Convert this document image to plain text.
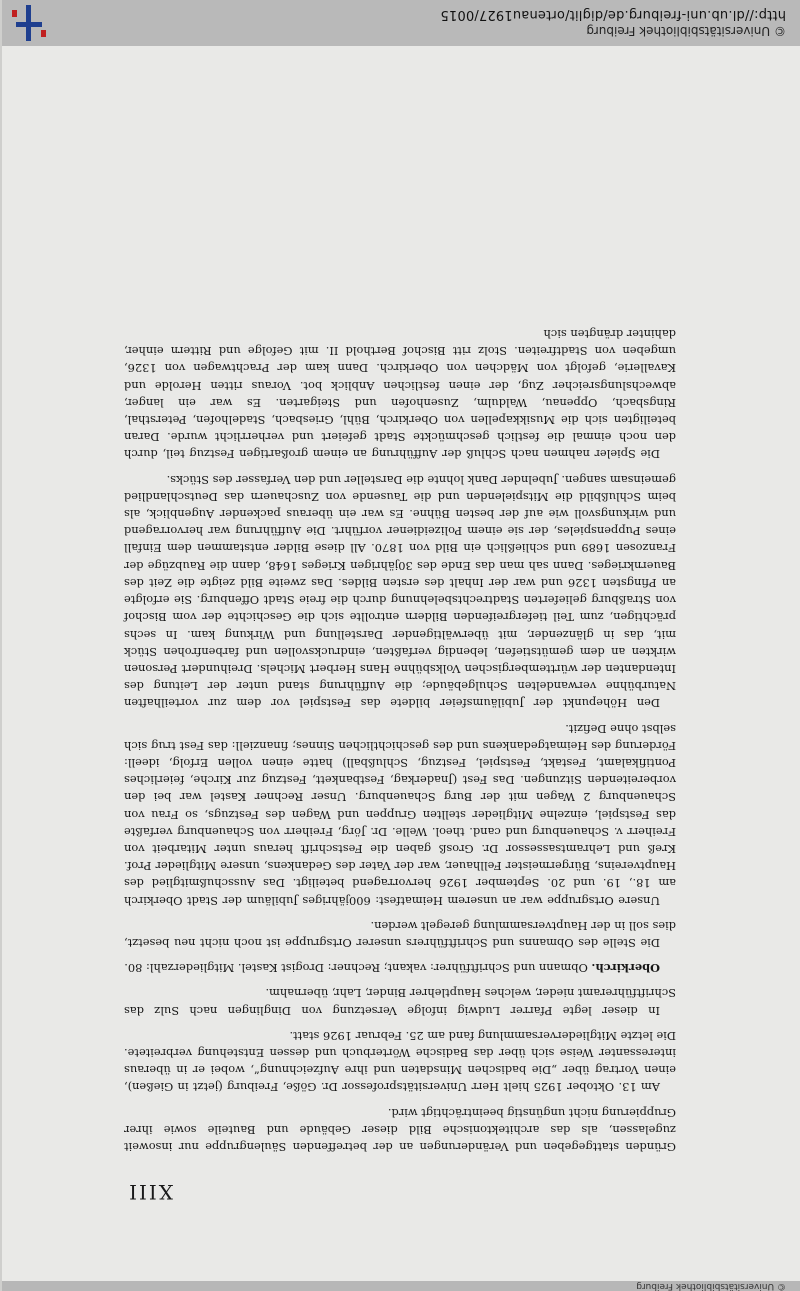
© Universitätsbibliothek Freiburg
XIII

Gründen stattgegeben und Veränderungen an der betreffenden Säulengruppe nur insoweit zugelassen, als das architektonische Bild dieser Gebäude und Bauteile sowie ihrer Gruppierung nicht ungünstig beeinträchtigt wird.

Am 13. Oktober 1925 hielt Herr Universitätsprofessor Dr. Göße, Freiburg (jetzt in Gießen), einen Vortrag über „Die badischen Minsdaten und ihre Aufzeichnung“, wobei er in überaus interessanter Weise sich über das Badische Wörterbuch und dessen Entstehung verbreitete. Die letzte Mitgliederversammlung fand am 25. Februar 1926 statt.

In dieser legte Pfarrer Ludwig infolge Versetzung von Dinglingen nach Sulz das Schriftführeramt nieder, welches Hauptlehrer Binder, Lahr, übernahm.

Oberkirch. Obmann und Schriftführer: vakant; Rechner: Drogist Kastel. Mitgliederzahl: 80.

Die Stelle des Obmanns und Schriftführers unserer Ortsgruppe ist noch nicht neu besetzt, dies soll in der Hauptversammlung geregelt werden.

Unsere Ortsgruppe war an unserem Heimatfest: 600jähriges Jubiläum der Stadt Oberkirch am 18., 19. und 20. September 1926 hervorragend beteiligt. Das Ausschußmitglied des Hauptvereins, Bürgermeister Fellhauer, war der Vater des Gedankens, unsere Mitglieder Prof. Kreß und Lehramtsassessor Dr. Grosß gaben die Festschrift heraus unter Mitarbeit von Freiherr v. Schauenburg und cand. theol. Welle. Dr. Jörg, Freiherr von Schauenburg verfaßte das Festspiel, einzelne Mitglieder stellten Gruppen und Wagen des Festzugs, so Frau von Schauenburg 2 Wagen mit der Burg Schauenburg. Unser Rechner Kastel war bei den vorbereitenden Sitzungen. Das Fest (Jnaderkag, Festbankett, Festzug zur Kirche, feierliches Pontifikalamt, Festakt, Festspiel, Festzug, Schlußball) hatte einen vollen Erfolg, ideell: Förderung des Heimatgedankens und des geschichtlichen Sinnes; finanziell: das Fest trug sich selbst ohne Defizit.

Den Höhepunkt der Jubiläumsfeier bildete das Festspiel vor dem zur vorteilhaften Naturbühne verwandelten Schulgebäude; die Aufführung stand unter der Leitung des Intendanten der württembergischen Volksbühne Hans Herbert Michels. Dreihundert Personen wirkten an dem gemütstiefen, lebendig verfaßten, eindrucksvollen und farbenfrohen Stück mit, das in glänzender, mit überwältigender Darstellung und Wirkung kam. In sechs prächtigen, zum Teil tiefergreifenden Bildern entrollte sich die Geschichte der vom Bischof von Straßburg gelieferten Stadtrechtsbelehnung durch die freie Stadt Offenburg. Sie erfolgte an Pfingsten 1326 und war der Inhalt des ersten Bildes. Das zweite Bild zeigte die Zeit des Bauernkrieges. Dann sah man das Ende des 30jährigen Krieges 1648, dann die Raubzüge der Franzosen 1689 und schließlich ein Bild von 1870. All diese Bilder entstammen dem Einfall eines Puppenspieles, der sie einem Polizeidiener vorführt. Die Aufführung war hervorragend und wirkungsvoll wie auf der besten Bühne. Es war ein überaus packender Augenblick, als beim Schlußbild die Mitspielenden und die Tausende von Zuschauern das Deutschlandlied gemeinsam sangen. Jubelnder Dank lohnte die Darsteller und den Verfasser des Stücks.

Die Spieler nahmen nach Schluß der Aufführung an einem großartigen Festzug teil, durch den noch einmal die festlich geschmückte Stadt gefeiert und verherrlicht wurde. Daran beteiligten sich die Musikkapellen von Oberkirch, Bühl, Griesbach, Stadelhofen, Petersthal, Ringsbach, Oppenau, Waldulm, Zusenhofen und Steigarten. Es war ein langer, abwechslungsreicher Zug, der einen festlichen Anblick bot. Voraus ritten Herolde und Kavallerie, gefolgt von Mädchen von Oberkirch. Dann kam der Prachtwagen von 1326, umgeben von Stadtfreiten. Stolz ritt Bischof Berthold II. mit Gefolge und Rittern einher, dahinter drängten sich

© Universitätsbibliothek Freiburg
http://dl.ub.uni-freiburg.de/diglit/ortenau1927/0015
